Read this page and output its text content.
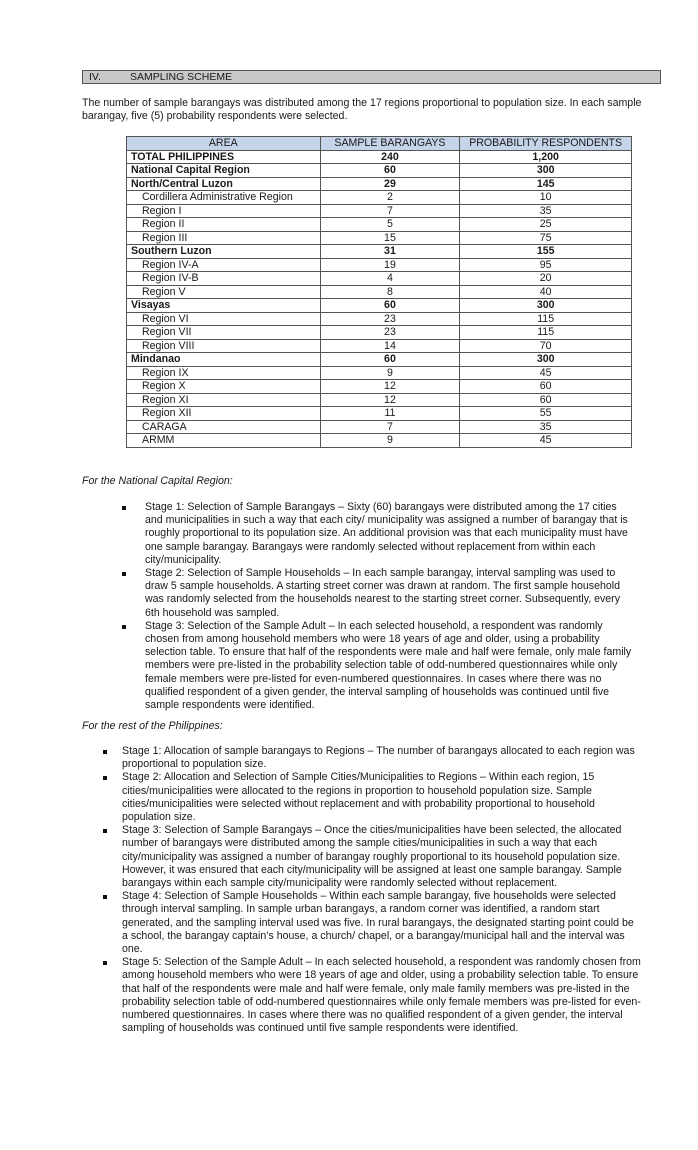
IV.	SAMPLING SCHEME

The number of sample barangays was distributed among the 17 regions proportional to population size. In each sample barangay, five (5) probability respondents were selected.

AREA	SAMPLE BARANGAYS	PROBABILITY RESPONDENTS
TOTAL PHILIPPINES	240	1,200
National Capital Region	60	300
North/Central Luzon	29	145
Cordillera Administrative Region	2	10
Region I	7	35
Region II	5	25
Region III	15	75
Southern Luzon	31	155
Region IV-A	19	95
Region IV-B	4	20
Region V	8	40
Visayas	60	300
Region VI	23	115
Region VII	23	115
Region VIII	14	70
Mindanao	60	300
Region IX	9	45
Region X	12	60
Region XI	12	60
Region XII	11	55
CARAGA	7	35
ARMM	9	45
For the National Capital Region:
Stage 1: Selection of Sample Barangays – Sixty (60) barangays were distributed among the 17 cities and municipalities in such a way that each city/ municipality was assigned a number of barangay that is roughly proportional to its population size. An additional provision was that each municipality must have one sample barangay. Barangays were randomly selected without replacement from within each city/municipality.
Stage 2: Selection of Sample Households – In each sample barangay, interval sampling was used to draw 5 sample households. A starting street corner was drawn at random. The first sample household was randomly selected from the households nearest to the starting street corner. Subsequently, every 6th household was sampled.
Stage 3: Selection of the Sample Adult – In each selected household, a respondent was randomly chosen from among household members who were 18 years of age and older, using a probability selection table. To ensure that half of the respondents were male and half were female, only male family members were pre-listed in the probability selection table of odd-numbered questionnaires while only female members were pre-listed for even-numbered questionnaires. In cases where there was no qualified respondent of a given gender, the interval sampling of households was continued until five sample respondents were identified.
For the rest of the Philippines:
Stage 1: Allocation of sample barangays to Regions – The number of barangays allocated to each region was proportional to population size.
Stage 2: Allocation and Selection of Sample Cities/Municipalities to Regions – Within each region, 15 cities/municipalities were allocated to the regions in proportion to household population size. Sample cities/municipalities were selected without replacement and with probability proportional to household population size.
Stage 3: Selection of Sample Barangays – Once the cities/municipalities have been selected, the allocated number of barangays were distributed among the sample cities/municipalities in such a way that each city/municipality was assigned a number of barangay roughly proportional to its household population size. However, it was ensured that each city/municipality will be assigned at least one sample barangay. Sample barangays within each sample city/municipality were randomly selected without replacement.
Stage 4: Selection of Sample Households – Within each sample barangay, five households were selected through interval sampling. In sample urban barangays, a random corner was identified, a random start generated, and the sampling interval used was five. In rural barangays, the designated starting point could be a school, the barangay captain’s house, a church/ chapel, or a barangay/municipal hall and the interval was one.
Stage 5: Selection of the Sample Adult – In each selected household, a respondent was randomly chosen from among household members who were 18 years of age and older, using a probability selection table. To ensure that half of the respondents were male and half were female, only male family members was pre-listed in the probability selection table of odd-numbered questionnaires while only female members was pre-listed for even-numbered questionnaires. In cases where there was no qualified respondent of a given gender, the interval sampling of households was continued until five sample respondents were identified.
